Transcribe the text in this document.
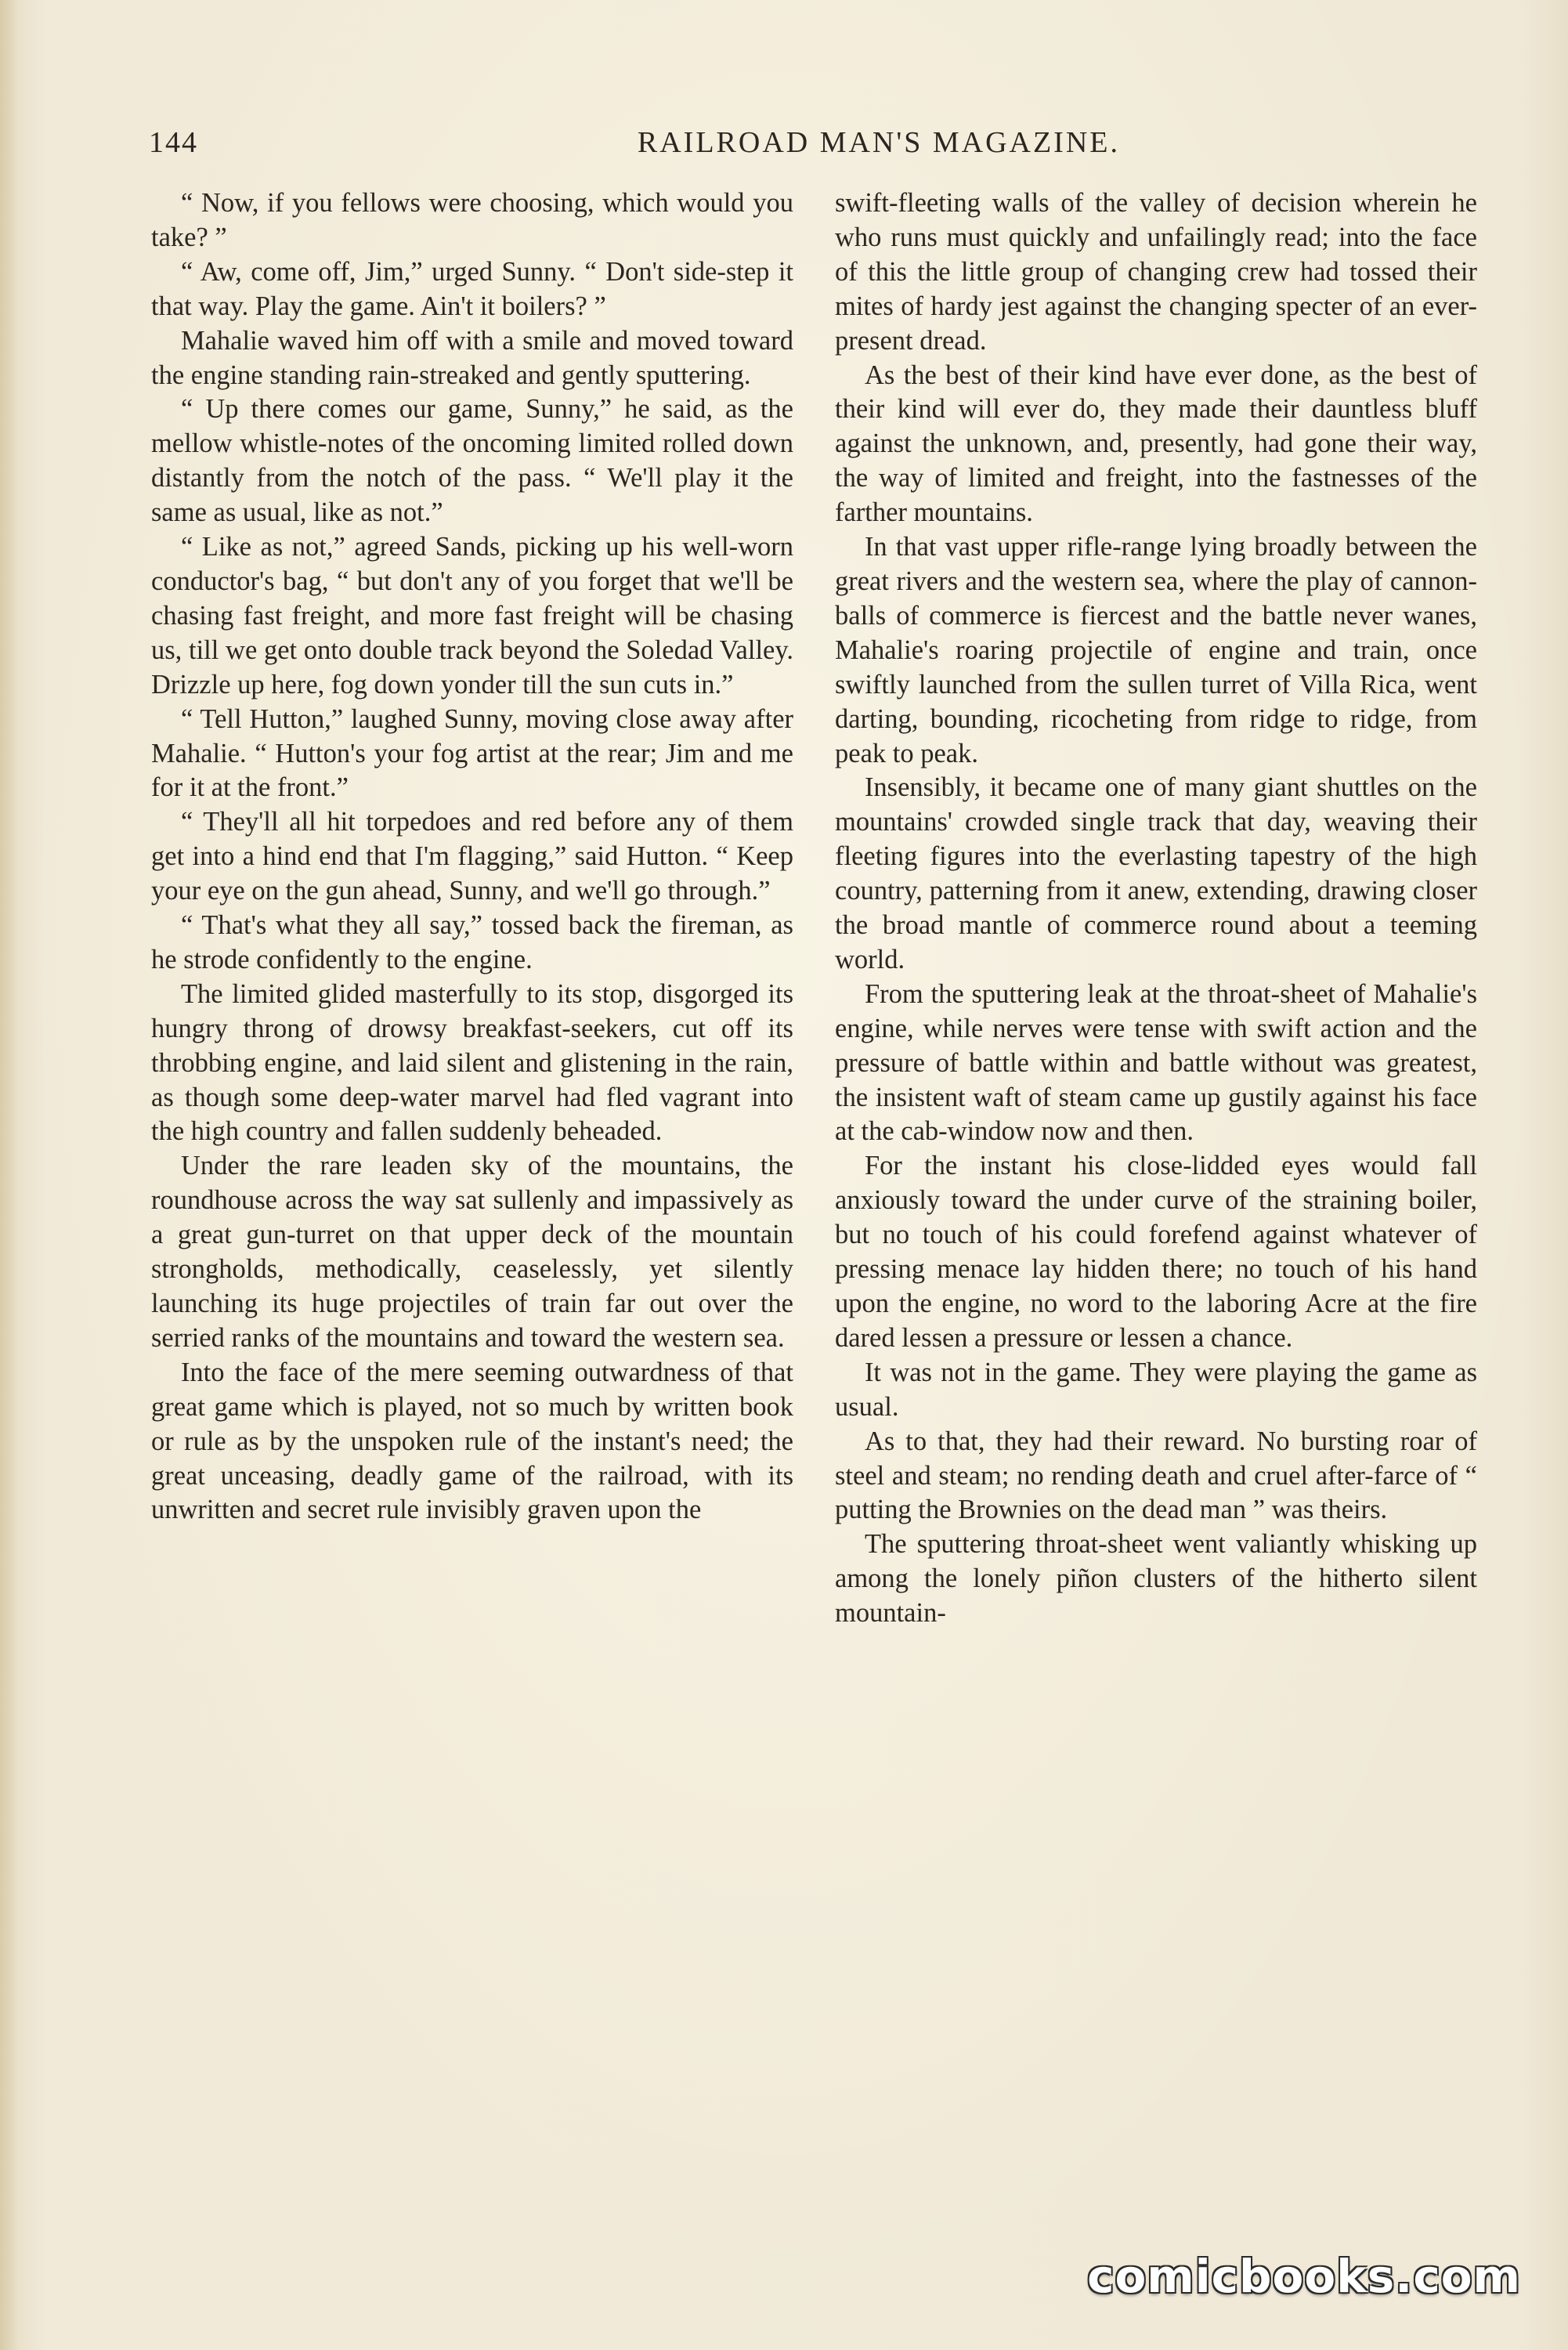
144	RAILROAD MAN'S MAGAZINE.

“ Now, if you fellows were choosing, which would you take? ”

“ Aw, come off, Jim,” urged Sunny. “ Don't side-step it that way. Play the game. Ain't it boilers? ”

Mahalie waved him off with a smile and moved toward the engine standing rain-streaked and gently sputtering.

“ Up there comes our game, Sunny,” he said, as the mellow whistle-notes of the oncoming limited rolled down distantly from the notch of the pass. “ We'll play it the same as usual, like as not.”

“ Like as not,” agreed Sands, picking up his well-worn conductor's bag, “ but don't any of you forget that we'll be chasing fast freight, and more fast freight will be chasing us, till we get onto double track beyond the Soledad Valley. Drizzle up here, fog down yonder till the sun cuts in.”

“ Tell Hutton,” laughed Sunny, moving close away after Mahalie. “ Hutton's your fog artist at the rear; Jim and me for it at the front.”

“ They'll all hit torpedoes and red before any of them get into a hind end that I'm flagging,” said Hutton. “ Keep your eye on the gun ahead, Sunny, and we'll go through.”

“ That's what they all say,” tossed back the fireman, as he strode confidently to the engine.

The limited glided masterfully to its stop, disgorged its hungry throng of drowsy breakfast-seekers, cut off its throbbing engine, and laid silent and glistening in the rain, as though some deep-water marvel had fled vagrant into the high country and fallen suddenly beheaded.

Under the rare leaden sky of the mountains, the roundhouse across the way sat sullenly and impassively as a great gun-turret on that upper deck of the mountain strongholds, methodically, ceaselessly, yet silently launching its huge projectiles of train far out over the serried ranks of the mountains and toward the western sea.

Into the face of the mere seeming outwardness of that great game which is played, not so much by written book or rule as by the unspoken rule of the instant's need; the great unceasing, deadly game of the railroad, with its unwritten and secret rule invisibly graven upon the

swift-fleeting walls of the valley of decision wherein he who runs must quickly and unfailingly read; into the face of this the little group of changing crew had tossed their mites of hardy jest against the changing specter of an ever-present dread.

As the best of their kind have ever done, as the best of their kind will ever do, they made their dauntless bluff against the unknown, and, presently, had gone their way, the way of limited and freight, into the fastnesses of the farther mountains.

In that vast upper rifle-range lying broadly between the great rivers and the western sea, where the play of cannon-balls of commerce is fiercest and the battle never wanes, Mahalie's roaring projectile of engine and train, once swiftly launched from the sullen turret of Villa Rica, went darting, bounding, ricocheting from ridge to ridge, from peak to peak.

Insensibly, it became one of many giant shuttles on the mountains' crowded single track that day, weaving their fleeting figures into the everlasting tapestry of the high country, patterning from it anew, extending, drawing closer the broad mantle of commerce round about a teeming world.

From the sputtering leak at the throat-sheet of Mahalie's engine, while nerves were tense with swift action and the pressure of battle within and battle without was greatest, the insistent waft of steam came up gustily against his face at the cab-window now and then.

For the instant his close-lidded eyes would fall anxiously toward the under curve of the straining boiler, but no touch of his could forefend against whatever of pressing menace lay hidden there; no touch of his hand upon the engine, no word to the laboring Acre at the fire dared lessen a pressure or lessen a chance.

It was not in the game. They were playing the game as usual.

As to that, they had their reward. No bursting roar of steel and steam; no rending death and cruel after-farce of “ putting the Brownies on the dead man ” was theirs.

The sputtering throat-sheet went valiantly whisking up among the lonely piñon clusters of the hitherto silent mountain-

comicbooks.com
